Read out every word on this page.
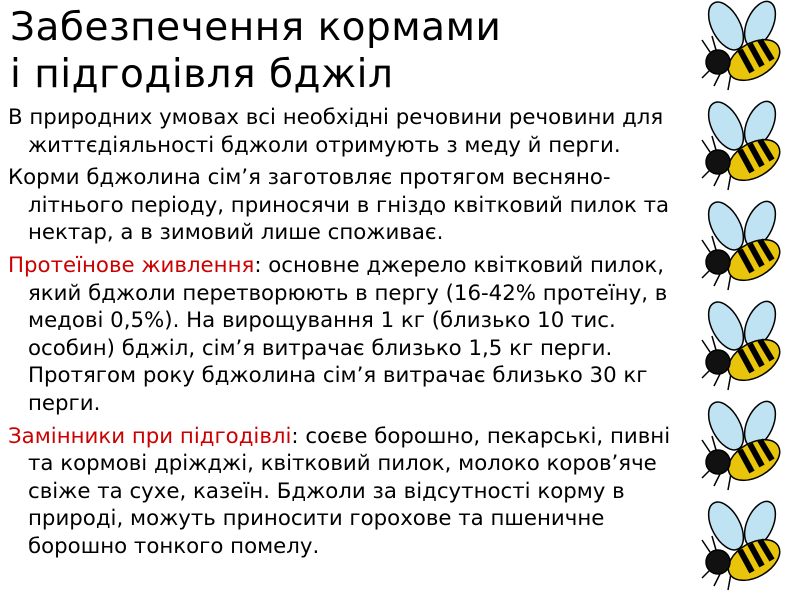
Забезпечення кормами
і підгодівля бджіл

В природних умовах всі необхідні речовини речовини для життєдіяльності бджоли отримують з меду й перги.

Корми бджолина сім’я заготовляє протягом весняно-літнього періоду, приносячи в гніздо квітковий пилок та нектар, а в зимовий лише споживає.

Протеїнове живлення: основне джерело квітковий пилок, який бджоли перетворюють в пергу (16-42% протеїну, в медові 0,5%). На вирощування 1 кг (близько 10 тис. особин) бджіл, сім’я витрачає близько 1,5 кг перги. Протягом року бджолина сім’я витрачає близько 30 кг перги.

Замінники при підгодівлі: соєве борошно, пекарські, пивні та кормові дріжджі, квітковий пилок, молоко коров’яче свіже та сухе, казеїн. Бджоли за відсутності корму в природі, можуть приносити горохове та пшеничне борошно тонкого помелу.
